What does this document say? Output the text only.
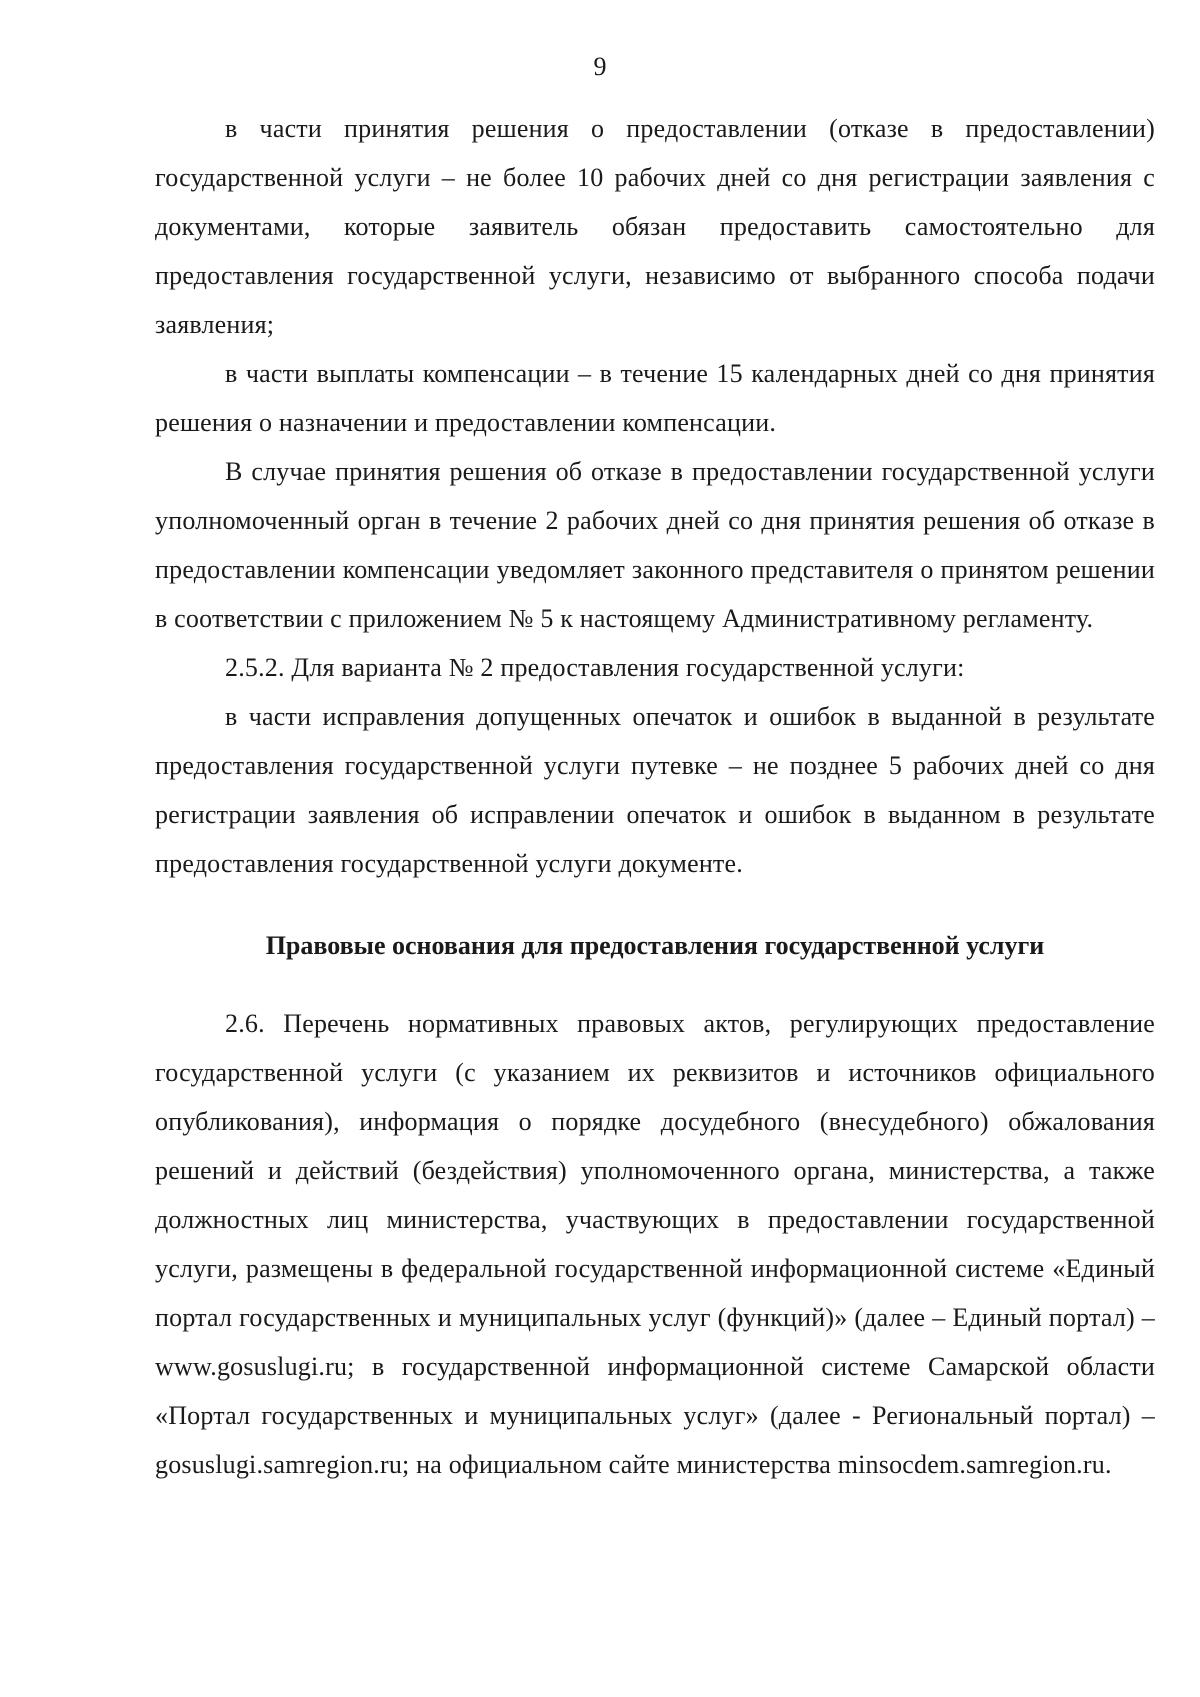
9

в части принятия решения о предоставлении (отказе в предоставлении) государственной услуги – не более 10 рабочих дней со дня регистрации заявления с документами, которые заявитель обязан предоставить самостоятельно для предоставления государственной услуги, независимо от выбранного способа подачи заявления;

в части выплаты компенсации – в течение 15 календарных дней со дня принятия решения о назначении и предоставлении компенсации.

В случае принятия решения об отказе в предоставлении государственной услуги уполномоченный орган в течение 2 рабочих дней со дня принятия решения об отказе в предоставлении компенсации уведомляет законного представителя о принятом решении в соответствии с приложением № 5 к настоящему Административному регламенту.

2.5.2. Для варианта № 2 предоставления государственной услуги:

в части исправления допущенных опечаток и ошибок в выданной в результате предоставления государственной услуги путевке – не позднее 5 рабочих дней со дня регистрации заявления об исправлении опечаток и ошибок в выданном в результате предоставления государственной услуги документе.

Правовые основания для предоставления государственной услуги

2.6. Перечень нормативных правовых актов, регулирующих предоставление государственной услуги (с указанием их реквизитов и источников официального опубликования), информация о порядке досудебного (внесудебного) обжалования решений и действий (бездействия) уполномоченного органа, министерства, а также должностных лиц министерства, участвующих в предоставлении государственной услуги, размещены в федеральной государственной информационной системе «Единый портал государственных и муниципальных услуг (функций)» (далее – Единый портал) – www.gosuslugi.ru; в государственной информационной системе Самарской области «Портал государственных и муниципальных услуг» (далее - Региональный портал) – gosuslugi.samregion.ru; на официальном сайте министерства minsocdem.samregion.ru.
